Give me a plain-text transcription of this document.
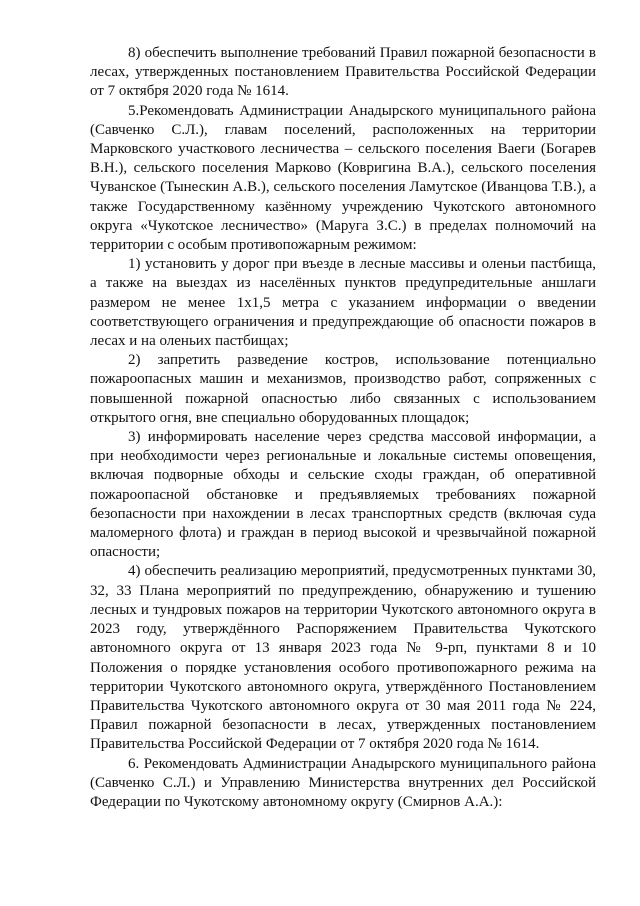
8) обеспечить выполнение требований Правил пожарной безопасности в лесах, утвержденных постановлением Правительства Российской Федерации от 7 октября 2020 года № 1614.

5.Рекомендовать Администрации Анадырского муниципального района (Савченко С.Л.), главам поселений, расположенных на территории Марковского участкового лесничества – сельского поселения Ваеги (Богарев В.Н.), сельского поселения Марково (Ковригина В.А.), сельского поселения Чуванское (Тынескин А.В.), сельского поселения Ламутское (Иванцова Т.В.), а также Государственному казённому учреждению Чукотского автономного округа «Чукотское лесничество» (Маруга З.С.) в пределах полномочий на территории с особым противопожарным режимом:

1) установить у дорог при въезде в лесные массивы и оленьи пастбища, а также на выездах из населённых пунктов предупредительные аншлаги размером не менее 1х1,5 метра с указанием информации о введении соответствующего ограничения и предупреждающие об опасности пожаров в лесах и на оленьих пастбищах;

2) запретить разведение костров, использование потенциально пожароопасных машин и механизмов, производство работ, сопряженных с повышенной пожарной опасностью либо связанных с использованием открытого огня, вне специально оборудованных площадок;

3) информировать население через средства массовой информации, а при необходимости через региональные и локальные системы оповещения, включая подворные обходы и сельские сходы граждан, об оперативной пожароопасной обстановке и предъявляемых требованиях пожарной безопасности при нахождении в лесах транспортных средств (включая суда маломерного флота) и граждан в период высокой и чрезвычайной пожарной опасности;

4) обеспечить реализацию мероприятий, предусмотренных пунктами 30, 32, 33 Плана мероприятий по предупреждению, обнаружению и тушению лесных и тундровых пожаров на территории Чукотского автономного округа в 2023 году, утверждённого Распоряжением Правительства Чукотского автономного округа от 13 января 2023 года № 9-рп, пунктами 8 и 10 Положения о порядке установления особого противопожарного режима на территории Чукотского автономного округа, утверждённого Постановлением Правительства Чукотского автономного округа от 30 мая 2011 года № 224, Правил пожарной безопасности в лесах, утвержденных постановлением Правительства Российской Федерации от 7 октября 2020 года № 1614.

6. Рекомендовать Администрации Анадырского муниципального района (Савченко С.Л.) и Управлению Министерства внутренних дел Российской Федерации по Чукотскому автономному округу (Смирнов А.А.):
